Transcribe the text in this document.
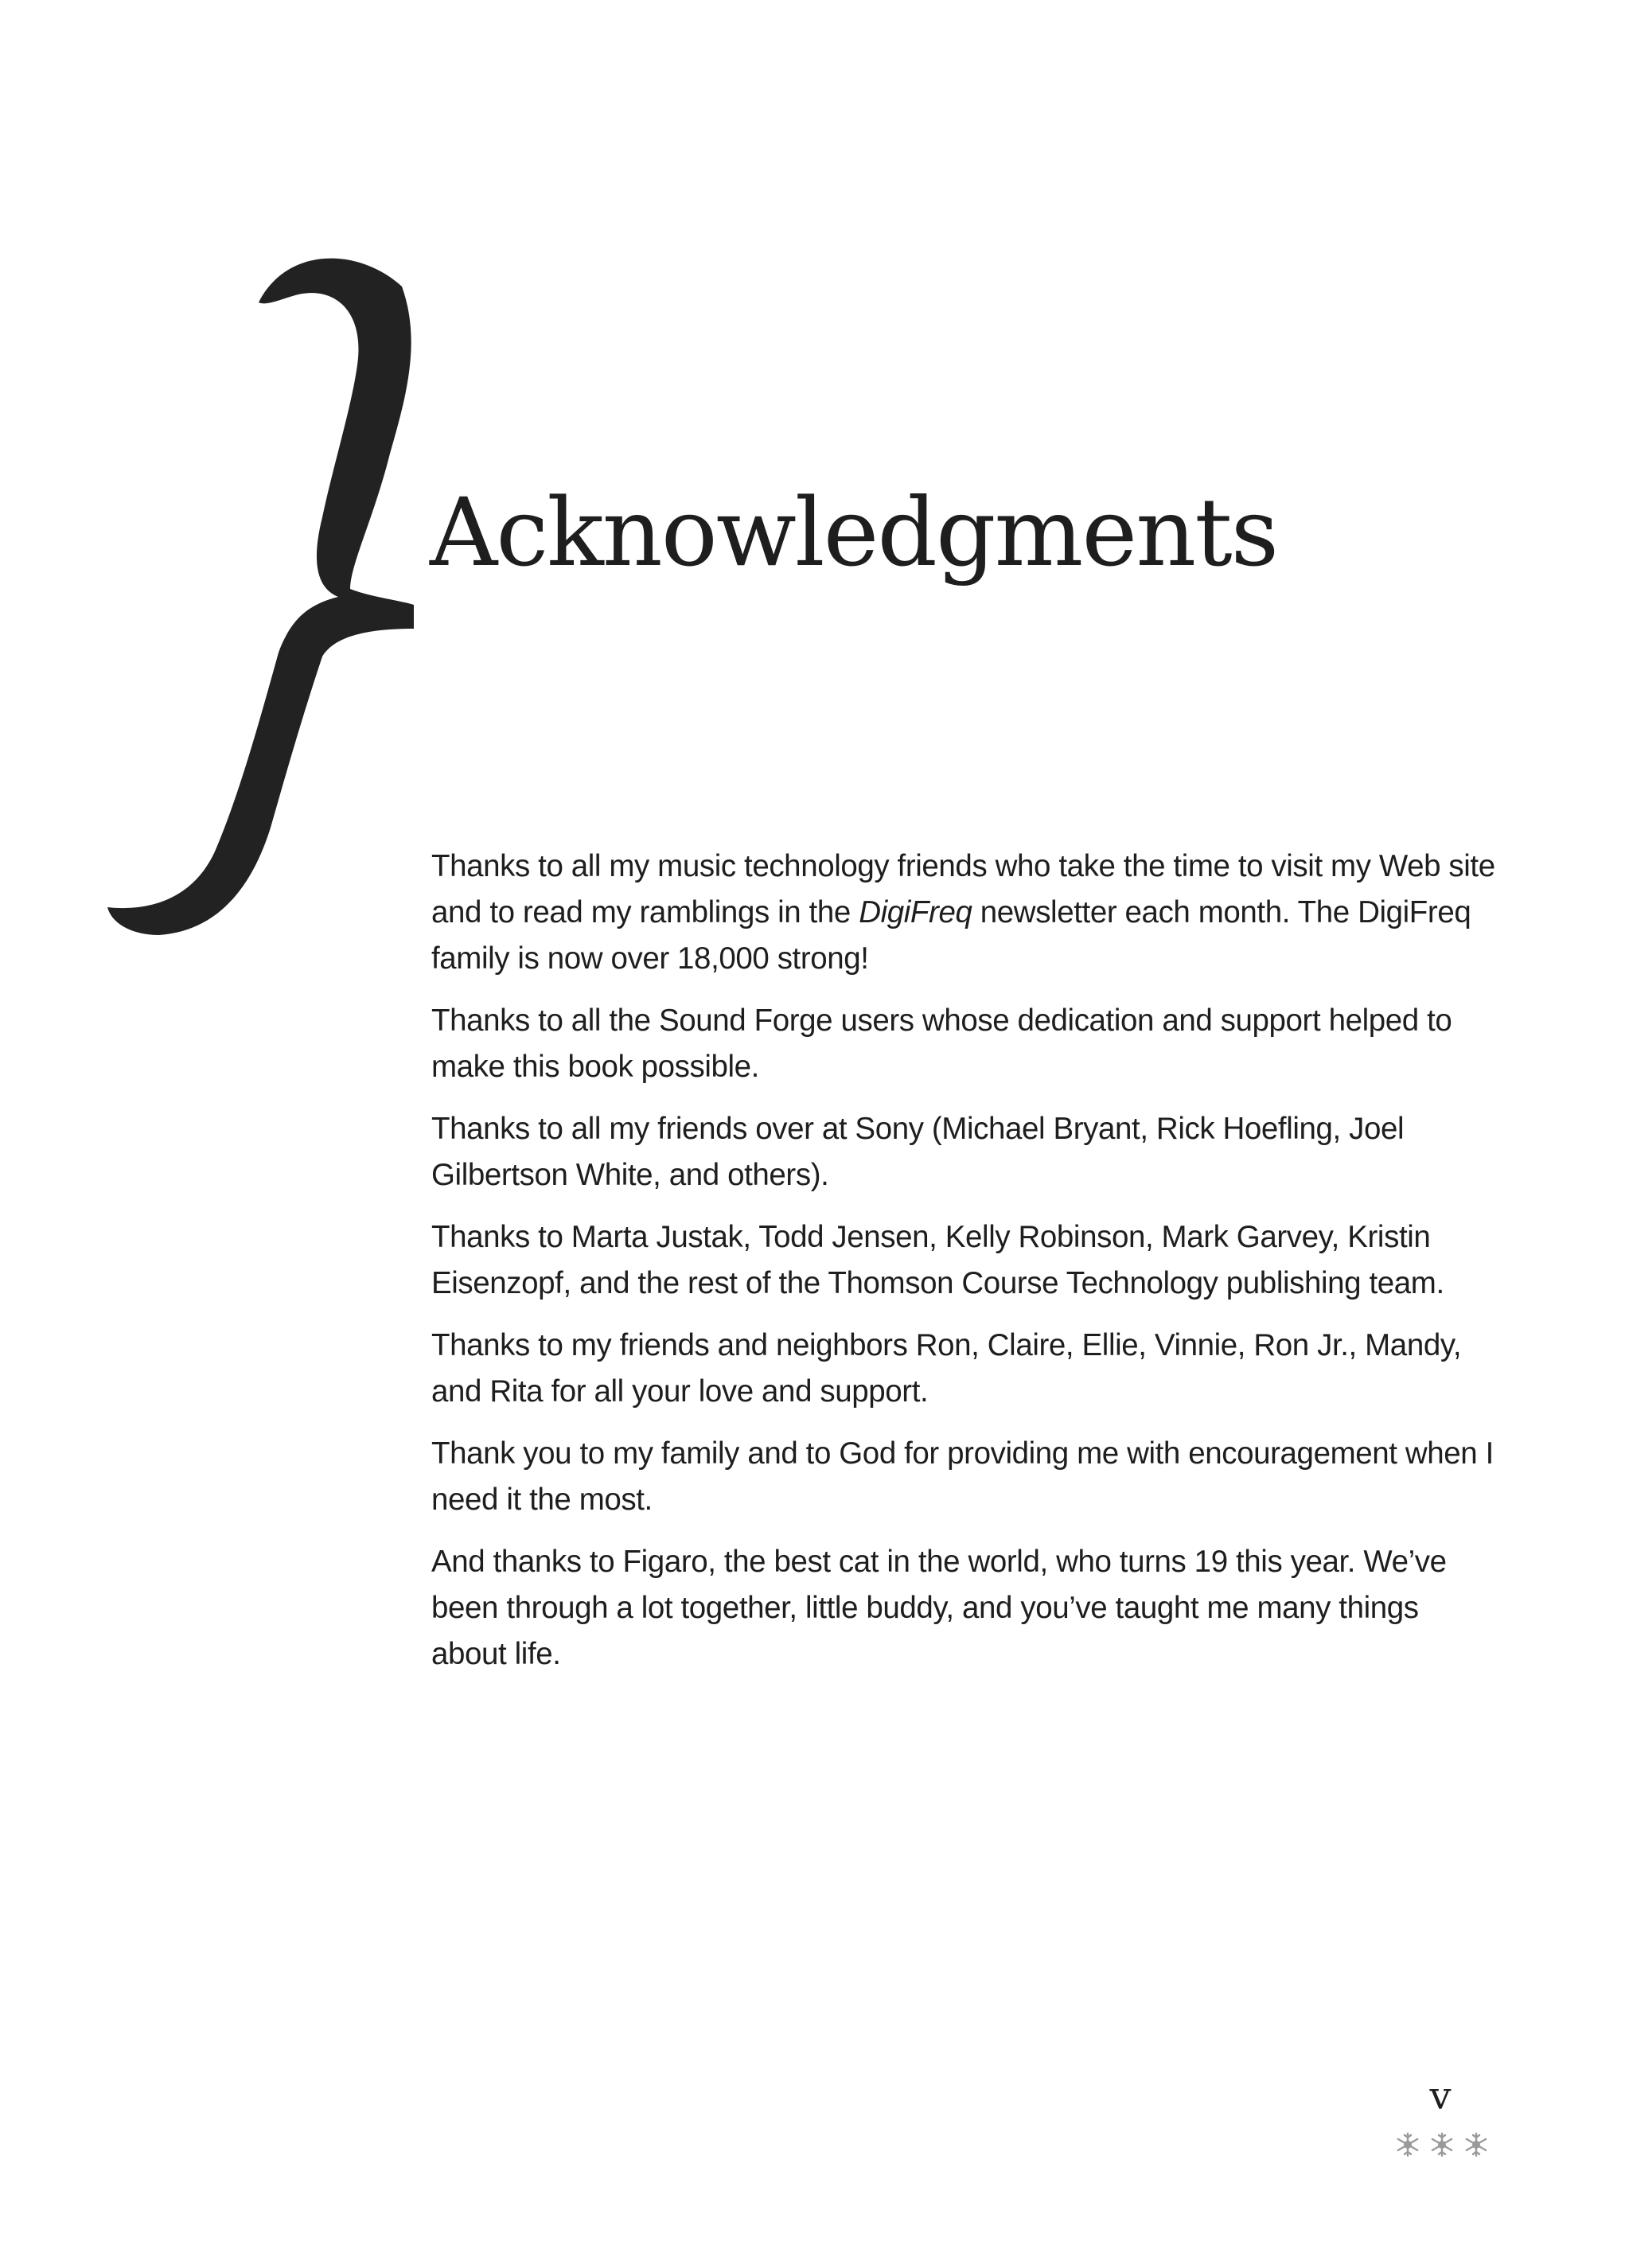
Acknowledgments

Thanks to all my music technology friends who take the time to visit my Web site and to read my ramblings in the DigiFreq newsletter each month. The DigiFreq family is now over 18,000 strong!

Thanks to all the Sound Forge users whose dedication and support helped to make this book possible.

Thanks to all my friends over at Sony (Michael Bryant, Rick Hoefling, Joel Gilbertson White, and others).

Thanks to Marta Justak, Todd Jensen, Kelly Robinson, Mark Garvey, Kristin Eisenzopf, and the rest of the Thomson Course Technology publishing team.

Thanks to my friends and neighbors Ron, Claire, Ellie, Vinnie, Ron Jr., Mandy, and Rita for all your love and support.

Thank you to my family and to God for providing me with encouragement when I need it the most.

And thanks to Figaro, the best cat in the world, who turns 19 this year. We’ve been through a lot together, little buddy, and you’ve taught me many things about life.

v
